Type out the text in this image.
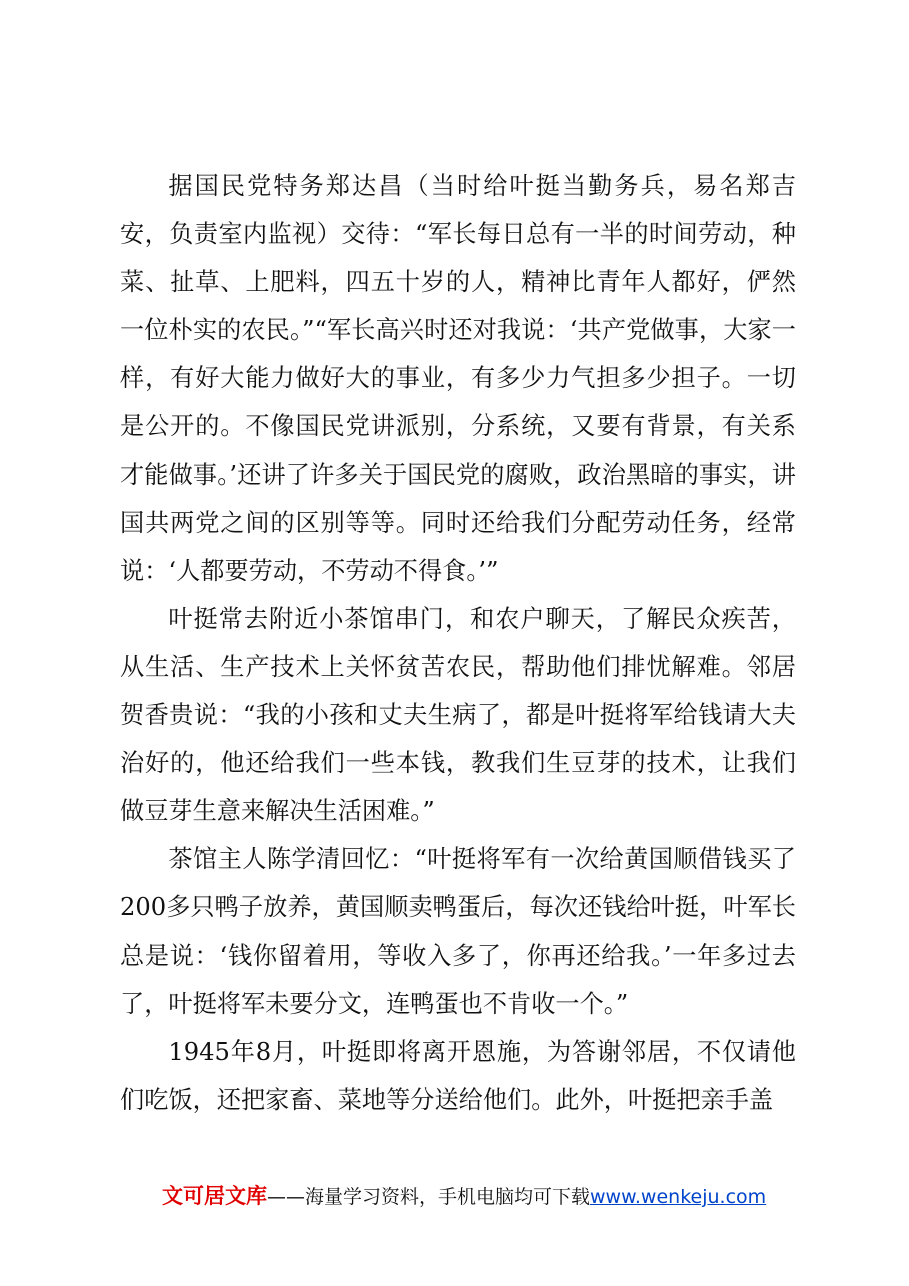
据国民党特务郑达昌（当时给叶挺当勤务兵，易名郑吉安，负责室内监视）交待：“军长每日总有一半的时间劳动，种菜、扯草、上肥料，四五十岁的人，精神比青年人都好，俨然一位朴实的农民。”“军长高兴时还对我说：‘共产党做事，大家一样，有好大能力做好大的事业，有多少力气担多少担子。一切是公开的。不像国民党讲派别，分系统，又要有背景，有关系才能做事。’还讲了许多关于国民党的腐败，政治黑暗的事实，讲国共两党之间的区别等等。同时还给我们分配劳动任务，经常说：‘人都要劳动，不劳动不得食。’”

叶挺常去附近小茶馆串门，和农户聊天，了解民众疾苦，从生活、生产技术上关怀贫苦农民，帮助他们排忧解难。邻居贺香贵说：“我的小孩和丈夫生病了，都是叶挺将军给钱请大夫治好的，他还给我们一些本钱，教我们生豆芽的技术，让我们做豆芽生意来解决生活困难。”

茶馆主人陈学清回忆：“叶挺将军有一次给黄国顺借钱买了200多只鸭子放养，黄国顺卖鸭蛋后，每次还钱给叶挺，叶军长总是说：‘钱你留着用，等收入多了，你再还给我。’一年多过去了，叶挺将军未要分文，连鸭蛋也不肯收一个。”

1945年8月，叶挺即将离开恩施，为答谢邻居，不仅请他们吃饭，还把家畜、菜地等分送给他们。此外，叶挺把亲手盖

文可居文库——海量学习资料，手机电脑均可下载www.wenkeju.com
